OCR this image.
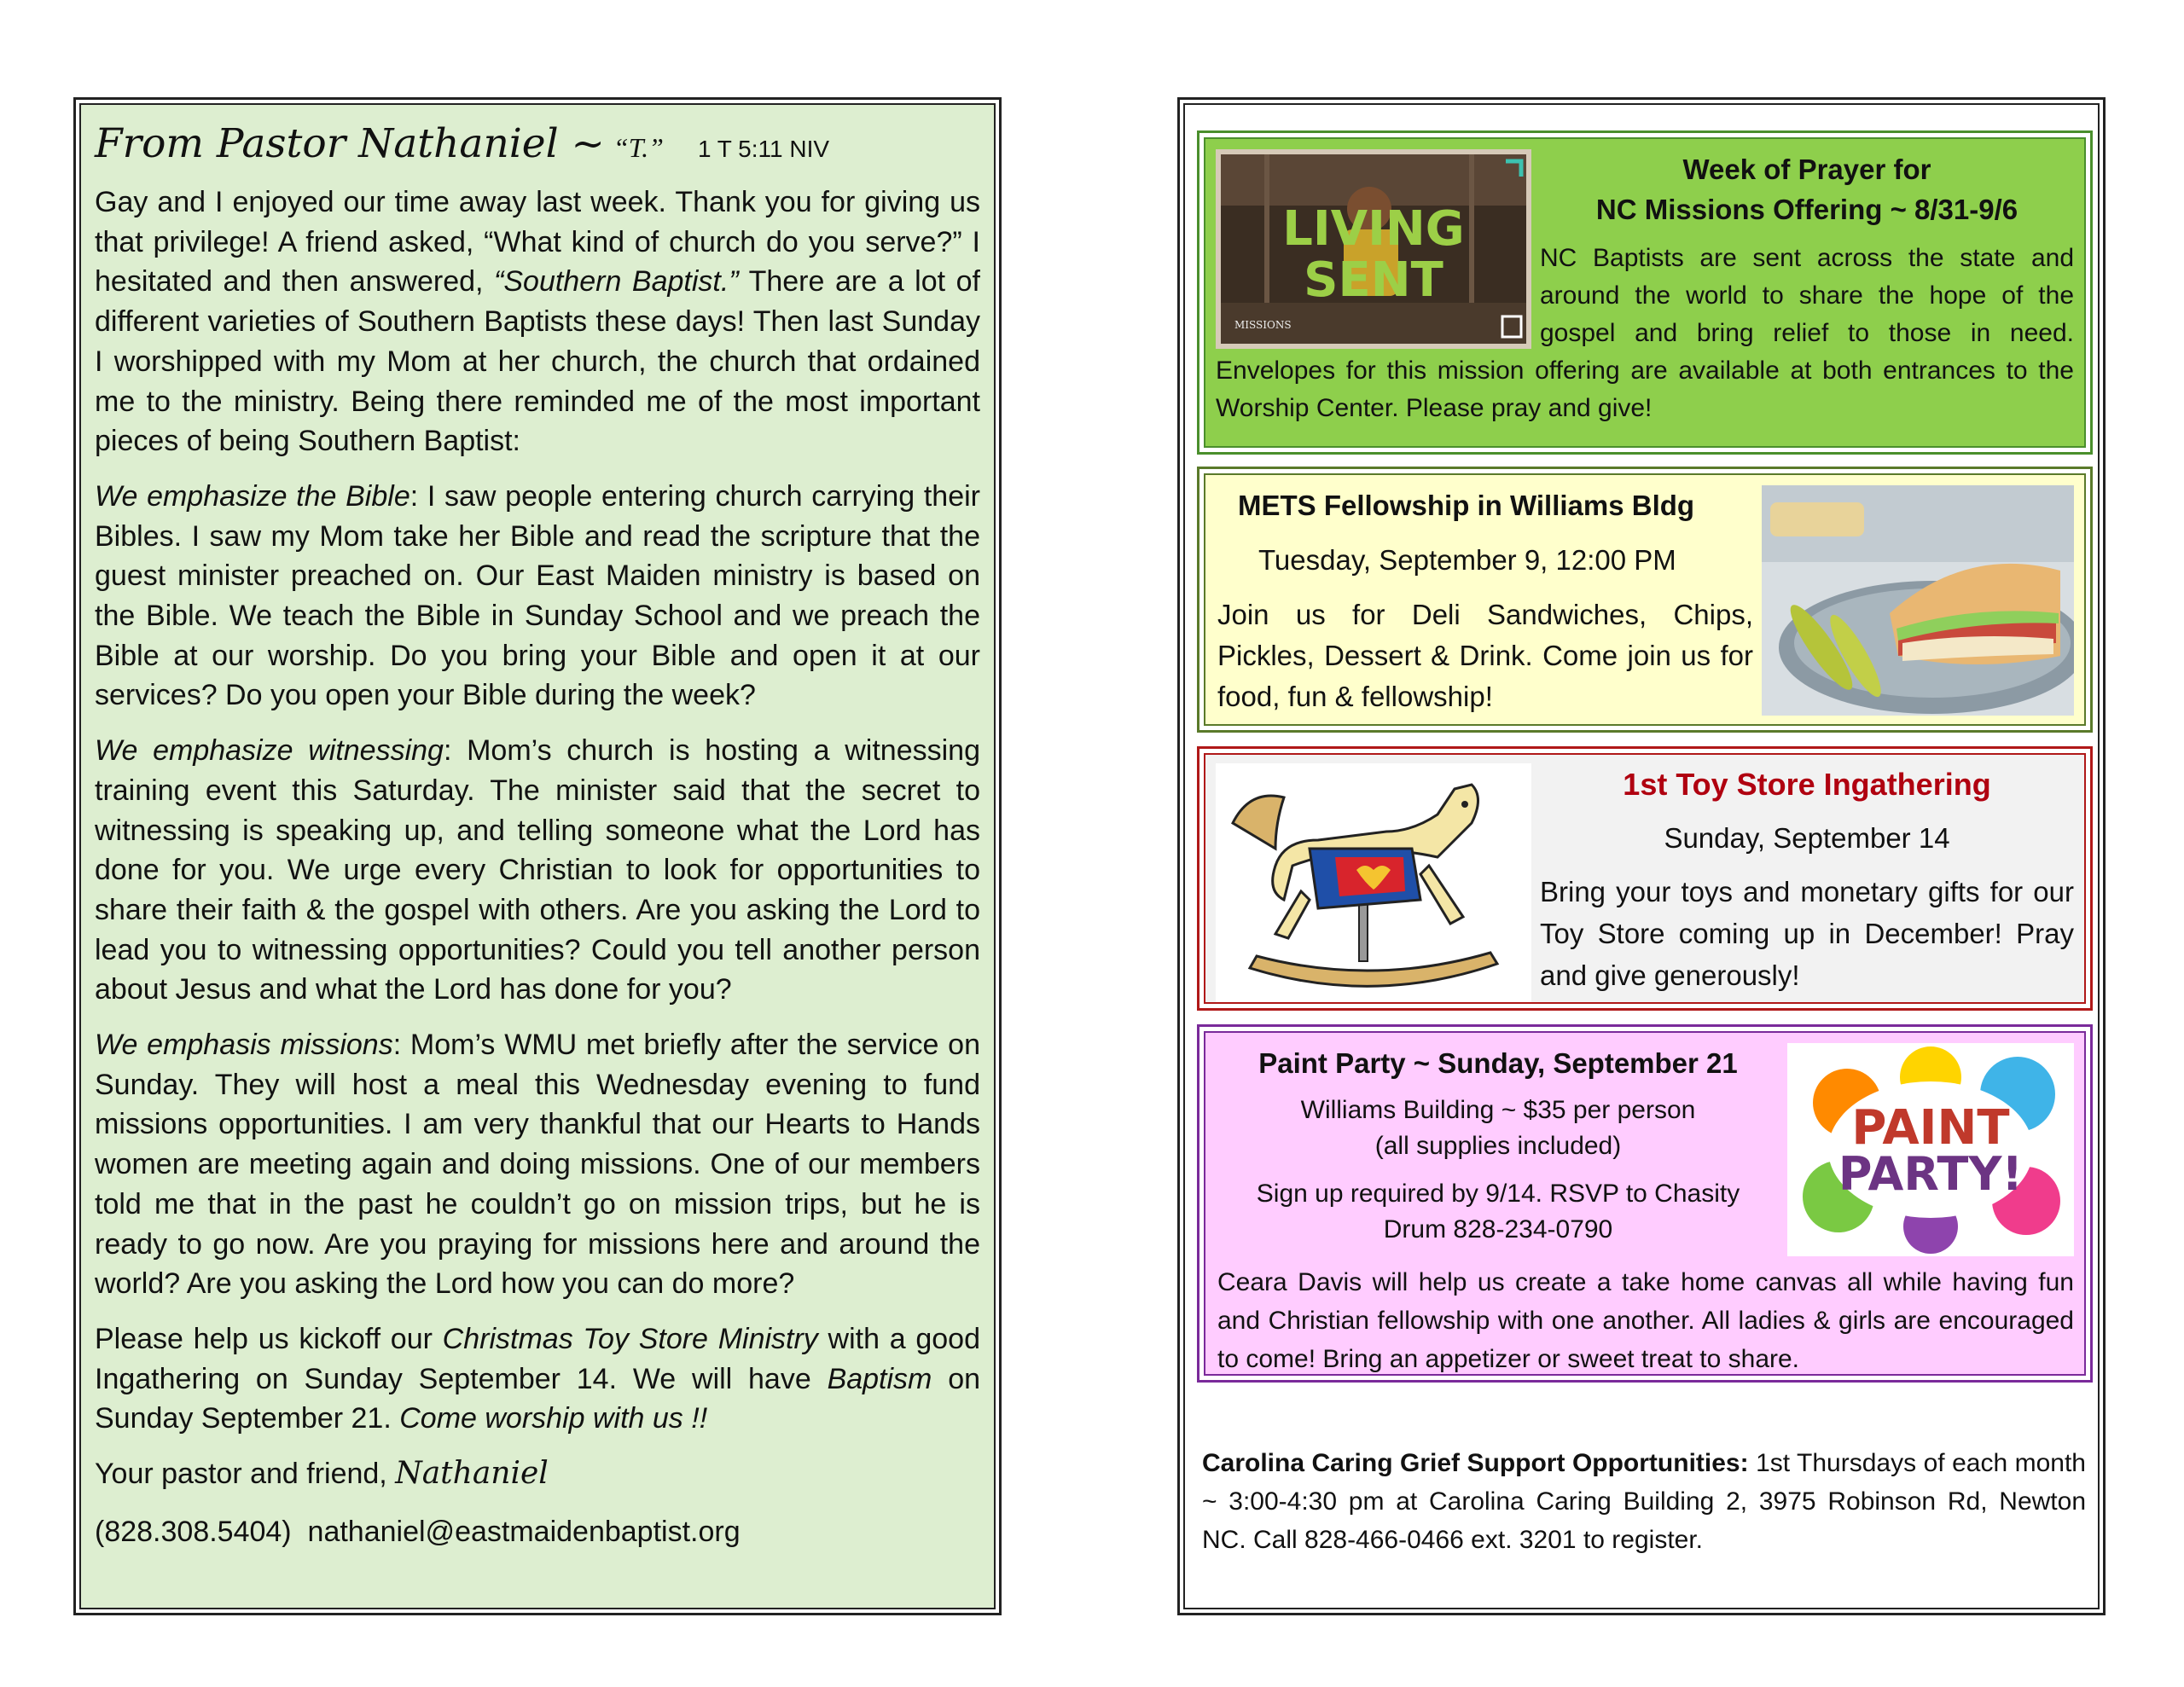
From Pastor Nathaniel ~ “T.” 1 T 5:11 NIV

Gay and I enjoyed our time away last week. Thank you for giving us that privilege! A friend asked, “What kind of church do you serve?” I hesitated and then answered, “Southern Baptist.” There are a lot of different varieties of Southern Baptists these days! Then last Sunday I worshipped with my Mom at her church, the church that ordained me to the ministry. Being there reminded me of the most important pieces of being Southern Baptist:

We emphasize the Bible: I saw people entering church carrying their Bibles. I saw my Mom take her Bible and read the scripture that the guest minister preached on. Our East Maiden ministry is based on the Bible. We teach the Bible in Sunday School and we preach the Bible at our worship. Do you bring your Bible and open it at our services? Do you open your Bible during the week?

We emphasize witnessing: Mom’s church is hosting a witnessing training event this Saturday. The minister said that the secret to witnessing is speaking up, and telling someone what the Lord has done for you. We urge every Christian to look for opportunities to share their faith & the gospel with others. Are you asking the Lord to lead you to witnessing opportunities? Could you tell another person about Jesus and what the Lord has done for you?

We emphasis missions: Mom’s WMU met briefly after the service on Sunday. They will host a meal this Wednesday evening to fund missions opportunities. I am very thankful that our Hearts to Hands women are meeting again and doing missions. One of our members told me that in the past he couldn’t go on mission trips, but he is ready to go now. Are you praying for missions here and around the world? Are you asking the Lord how you can do more?

Please help us kickoff our Christmas Toy Store Ministry with a good Ingathering on Sunday September 14. We will have Baptism on Sunday September 21. Come worship with us !!

Your pastor and friend, Nathaniel

(828.308.5404) nathaniel@eastmaidenbaptist.org

LIVING
SENT
MISSIONS
Week of Prayer for
NC Missions Offering ~ 8/31-9/6

NC Baptists are sent across the state and around the world to share the hope of the gospel and bring relief to those in need. Envelopes for this mission offering are available at both entrances to the Worship Center. Please pray and give!

METS Fellowship in Williams Bldg
Tuesday, September 9, 12:00 PM

Join us for Deli Sandwiches, Chips, Pickles, Dessert & Drink. Come join us for food, fun & fellowship!

1st Toy Store Ingathering
Sunday, September 14

Bring your toys and monetary gifts for our Toy Store coming up in December! Pray and give generously!

PAINT
PARTY!
Paint Party ~ Sunday, September 21
Williams Building ~ $35 per person
(all supplies included)
Sign up required by 9/14. RSVP to Chasity
Drum 828-234-0790

Ceara Davis will help us create a take home canvas all while having fun and Christian fellowship with one another. All ladies & girls are encouraged to come! Bring an appetizer or sweet treat to share.

Carolina Caring Grief Support Opportunities: 1st Thursdays of each month ~ 3:00-4:30 pm at Carolina Caring Building 2, 3975 Robinson Rd, Newton NC. Call 828-466-0466 ext. 3201 to register.
